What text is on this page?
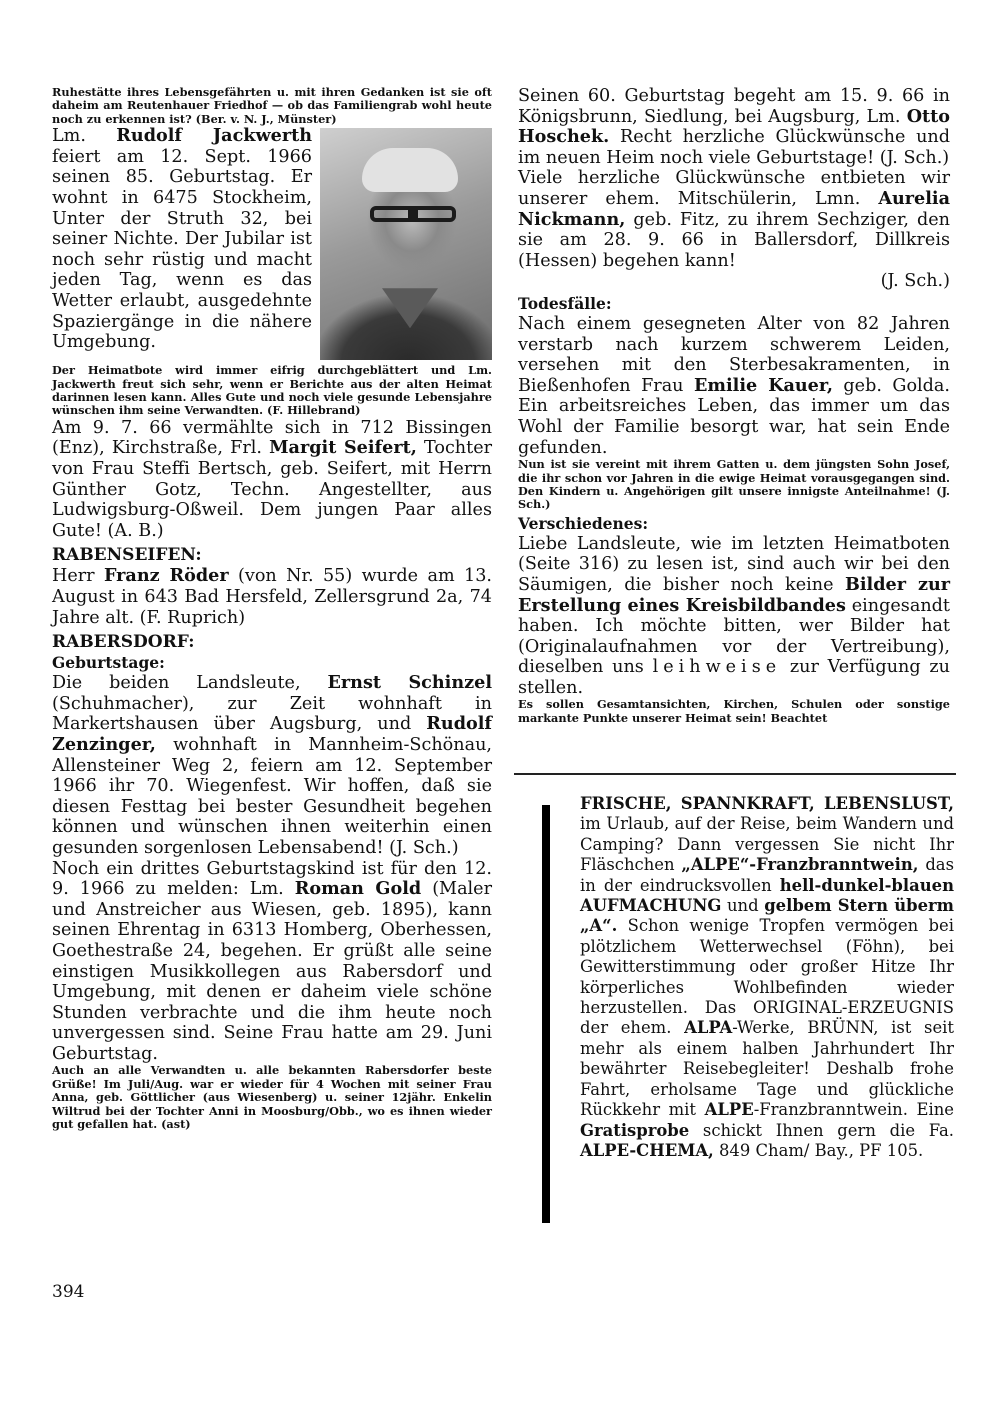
Ruhestätte ihres Lebensgefährten u. mit ihren Gedanken ist sie oft daheim am Reutenhauer Friedhof — ob das Familiengrab wohl heute noch zu erkennen ist? (Ber. v. N. J., Münster)

Lm. Rudolf Jackwerth feiert am 12. Sept. 1966 seinen 85. Geburtstag. Er wohnt in 6475 Stockheim, Unter der Struth 32, bei seiner Nichte. Der Jubilar ist noch sehr rüstig und macht jeden Tag, wenn es das Wetter erlaubt, ausgedehnte Spaziergänge in die nähere Umgebung.

Der Heimatbote wird immer eifrig durchgeblättert und Lm. Jackwerth freut sich sehr, wenn er Berichte aus der alten Heimat darinnen lesen kann. Alles Gute und noch viele gesunde Lebensjahre wünschen ihm seine Verwandten. (F. Hillebrand)

Am 9. 7. 66 vermählte sich in 712 Bissingen (Enz), Kirchstraße, Frl. Margit Seifert, Tochter von Frau Steffi Bertsch, geb. Seifert, mit Herrn Günther Gotz, Techn. Angestellter, aus Ludwigsburg-Oßweil. Dem jungen Paar alles Gute! (A. B.)

RABENSEIFEN:

Herr Franz Röder (von Nr. 55) wurde am 13. August in 643 Bad Hersfeld, Zellersgrund 2a, 74 Jahre alt. (F. Ruprich)

RABERSDORF:
Geburtstage:

Die beiden Landsleute, Ernst Schinzel (Schuhmacher), zur Zeit wohnhaft in Markertshausen über Augsburg, und Rudolf Zenzinger, wohnhaft in Mannheim-Schönau, Allensteiner Weg 2, feiern am 12. September 1966 ihr 70. Wiegenfest. Wir hoffen, daß sie diesen Festtag bei bester Gesundheit begehen können und wünschen ihnen weiterhin einen gesunden sorgenlosen Lebensabend! (J. Sch.)

Noch ein drittes Geburtstagskind ist für den 12. 9. 1966 zu melden: Lm. Roman Gold (Maler und Anstreicher aus Wiesen, geb. 1895), kann seinen Ehrentag in 6313 Homberg, Oberhessen, Goethestraße 24, begehen. Er grüßt alle seine einstigen Musikkollegen aus Rabersdorf und Umgebung, mit denen er daheim viele schöne Stunden verbrachte und die ihm heute noch unvergessen sind. Seine Frau hatte am 29. Juni Geburtstag.

Auch an alle Verwandten u. alle bekannten Rabersdorfer beste Grüße! Im Juli/Aug. war er wieder für 4 Wochen mit seiner Frau Anna, geb. Göttlicher (aus Wiesenberg) u. seiner 12jähr. Enkelin Wiltrud bei der Tochter Anni in Moosburg/Obb., wo es ihnen wieder gut gefallen hat. (ast)

Seinen 60. Geburtstag begeht am 15. 9. 66 in Königsbrunn, Siedlung, bei Augsburg, Lm. Otto Hoschek. Recht herzliche Glückwünsche und im neuen Heim noch viele Geburtstage! (J. Sch.)

Viele herzliche Glückwünsche entbieten wir unserer ehem. Mitschülerin, Lmn. Aurelia Nickmann, geb. Fitz, zu ihrem Sechziger, den sie am 28. 9. 66 in Ballersdorf, Dillkreis (Hessen) begehen kann!

(J. Sch.)

Todesfälle:

Nach einem gesegneten Alter von 82 Jahren verstarb nach kurzem schwerem Leiden, versehen mit den Sterbesakramenten, in Bießenhofen Frau Emilie Kauer, geb. Golda. Ein arbeitsreiches Leben, das immer um das Wohl der Familie besorgt war, hat sein Ende gefunden.

Nun ist sie vereint mit ihrem Gatten u. dem jüngsten Sohn Josef, die ihr schon vor Jahren in die ewige Heimat vorausgegangen sind. Den Kindern u. Angehörigen gilt unsere innigste Anteilnahme! (J. Sch.)

Verschiedenes:

Liebe Landsleute, wie im letzten Heimatboten (Seite 316) zu lesen ist, sind auch wir bei den Säumigen, die bisher noch keine Bilder zur Erstellung eines Kreisbildbandes eingesandt haben. Ich möchte bitten, wer Bilder hat (Originalaufnahmen vor der Vertreibung), dieselben uns leihweise zur Verfügung zu stellen.

Es sollen Gesamtansichten, Kirchen, Schulen oder sonstige markante Punkte unserer Heimat sein! Beachtet

FRISCHE, SPANNKRAFT, LEBENSLUST, im Urlaub, auf der Reise, beim Wandern und Camping? Dann vergessen Sie nicht Ihr Fläschchen „ALPE“-Franzbranntwein, das in der eindrucksvollen hell-dunkel-blauen AUFMACHUNG und gelbem Stern überm „A“. Schon wenige Tropfen vermögen bei plötzlichem Wetterwechsel (Föhn), bei Gewitterstimmung oder großer Hitze Ihr körperliches Wohlbefinden wieder herzustellen. Das ORIGINAL-ERZEUGNIS der ehem. ALPA-Werke, BRÜNN, ist seit mehr als einem halben Jahrhundert Ihr bewährter Reisebegleiter! Deshalb frohe Fahrt, erholsame Tage und glückliche Rückkehr mit ALPE-Franzbranntwein. Eine Gratisprobe schickt Ihnen gern die Fa. ALPE-CHEMA, 849 Cham/ Bay., PF 105.
394
